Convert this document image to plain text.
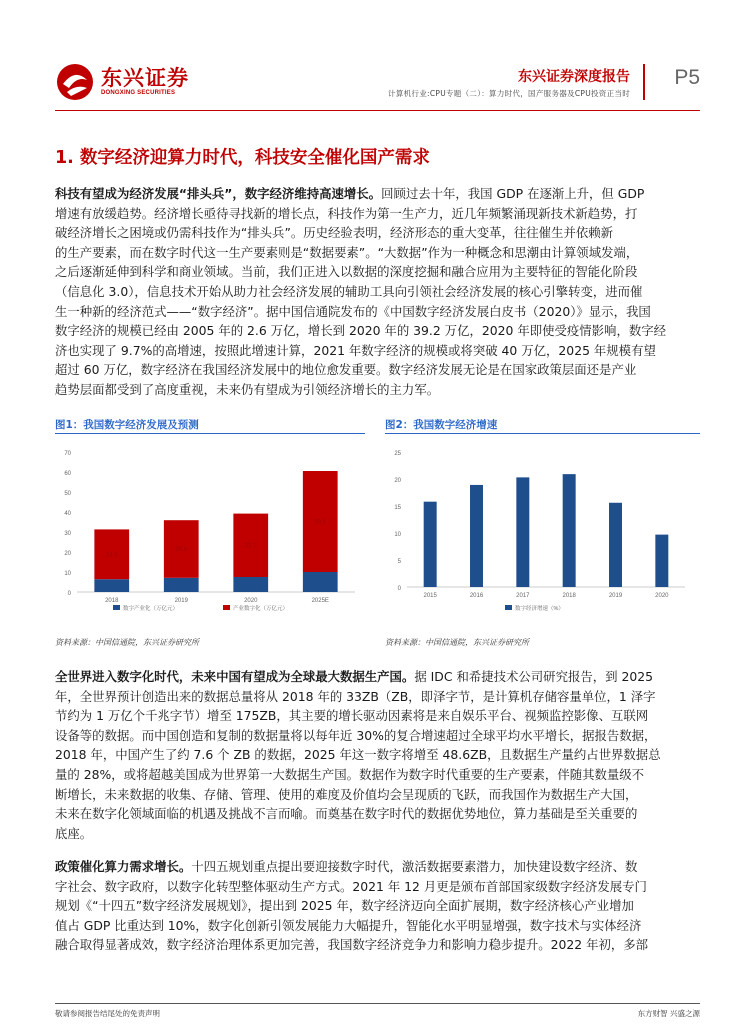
东兴证券
DONGXING SECURITIES
东兴证券深度报告
计算机行业:CPU专题（二）：算力时代，国产服务器及CPU投资正当时
P5
1. 数字经济迎算力时代，科技安全催化国产需求
科技有望成为经济发展“排头兵”，数字经济维持高速增长。回顾过去十年，我国 GDP 在逐渐上升，但 GDP
增速有放缓趋势。经济增长亟待寻找新的增长点，科技作为第一生产力，近几年频繁涌现新技术新趋势，打
破经济增长之困境或仍需科技作为“排头兵”。历史经验表明，经济形态的重大变革，往往催生并依赖新
的生产要素，而在数字时代这一生产要素则是“数据要素”。“大数据”作为一种概念和思潮由计算领域发端，
之后逐渐延伸到科学和商业领域。当前，我们正进入以数据的深度挖掘和融合应用为主要特征的智能化阶段
（信息化 3.0），信息技术开始从助力社会经济发展的辅助工具向引领社会经济发展的核心引擎转变，进而催
生一种新的经济范式——“数字经济”。据中国信通院发布的《中国数字经济发展白皮书（2020）》显示，我国
数字经济的规模已经由 2005 年的 2.6 万亿，增长到 2020 年的 39.2 万亿，2020 年即使受疫情影响，数字经
济也实现了 9.7%的高增速，按照此增速计算，2021 年数字经济的规模或将突破 40 万亿，2025 年规模有望
超过 60 万亿，数字经济在我国经济发展中的地位愈发重要。数字经济发展无论是在国家政策层面还是产业
趋势层面都受到了高度重视，未来仍有望成为引领经济增长的主力军。
图1：我国数字经济发展及预测
0
10
20
30
40
50
60
70
2018
24.9
2019
28.8
2020
31.7
2025E
50.5
数字产业化（万亿元）	产业数字化（万亿元）
资料来源：中国信通院，东兴证券研究所
图2：我国数字经济增速
0
5
10
15
20
25
2015	2016	2017	2018	2019	2020
数字经济增速（%）
资料来源：中国信通院，东兴证券研究所
全世界进入数字化时代，未来中国有望成为全球最大数据生产国。据 IDC 和希捷技术公司研究报告，到 2025
年，全世界预计创造出来的数据总量将从 2018 年的 33ZB（ZB，即泽字节，是计算机存储容量单位，1 泽字
节约为 1 万亿个千兆字节）增至 175ZB，其主要的增长驱动因素将是来自娱乐平台、视频监控影像、互联网
设备等的数据。而中国创造和复制的数据量将以每年近 30%的复合增速超过全球平均水平增长，据报告数据，
2018 年，中国产生了约 7.6 个 ZB 的数据，2025 年这一数字将增至 48.6ZB，且数据生产量约占世界数据总
量的 28%，或将超越美国成为世界第一大数据生产国。数据作为数字时代重要的生产要素，伴随其数量级不
断增长，未来数据的收集、存储、管理、使用的难度及价值均会呈现质的飞跃，而我国作为数据生产大国，
未来在数字化领域面临的机遇及挑战不言而喻。而奠基在数字时代的数据优势地位，算力基础是至关重要的
底座。
政策催化算力需求增长。十四五规划重点提出要迎接数字时代，激活数据要素潜力，加快建设数字经济、数
字社会、数字政府，以数字化转型整体驱动生产方式。2021 年 12 月更是颁布首部国家级数字经济发展专门
规划《“十四五”数字经济发展规划》，提出到 2025 年，数字经济迈向全面扩展期，数字经济核心产业增加
值占 GDP 比重达到 10%，数字化创新引领发展能力大幅提升，智能化水平明显增强，数字技术与实体经济
融合取得显著成效，数字经济治理体系更加完善，我国数字经济竞争力和影响力稳步提升。2022 年初，多部
敬请参阅报告结尾处的免责声明	东方财智 兴盛之源
